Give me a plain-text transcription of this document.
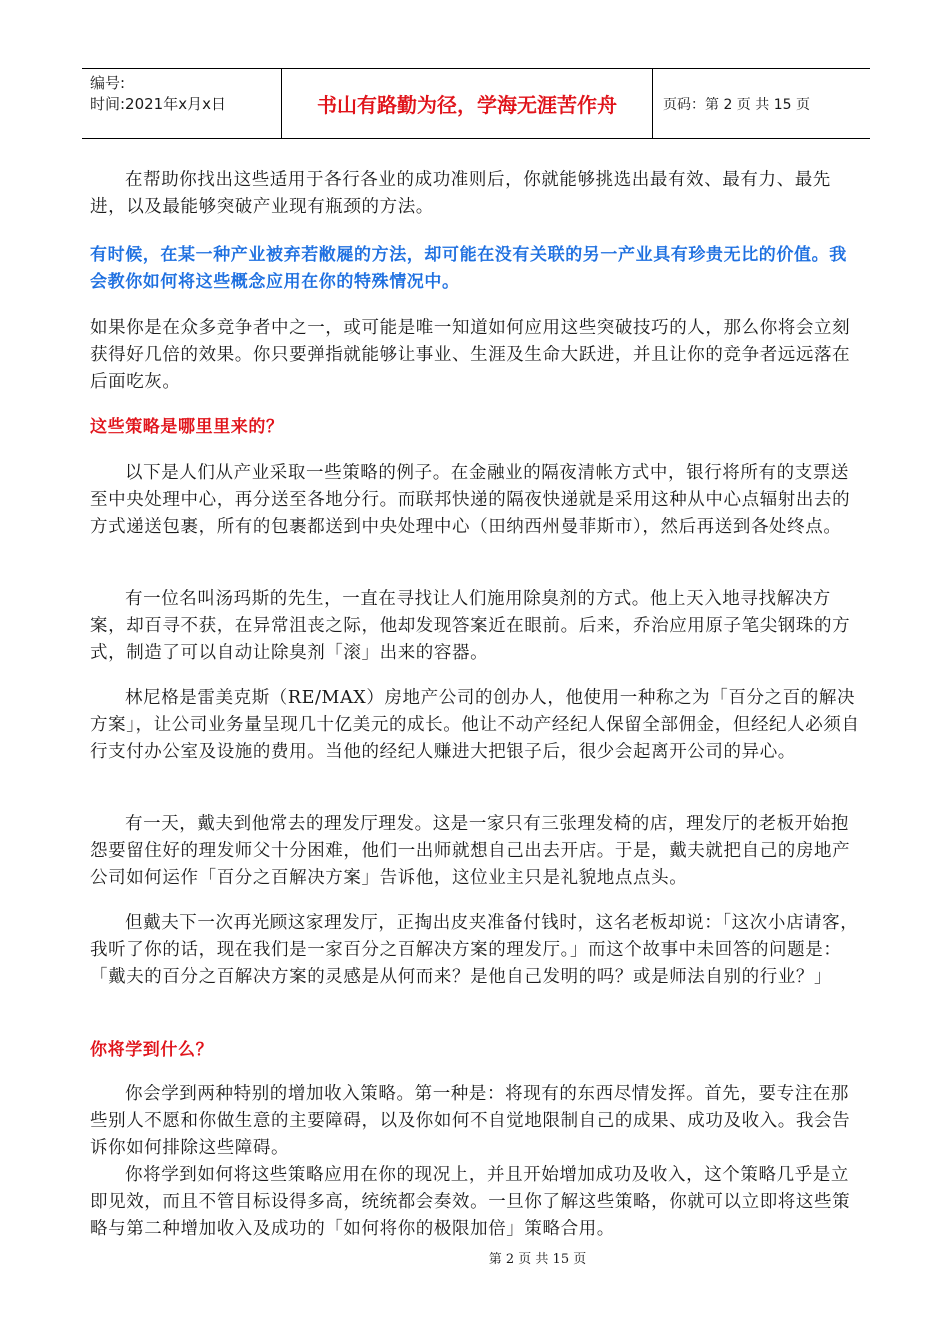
编号:
时间:2021年x月x日	书山有路勤为径，学海无涯苦作舟	页码：第 2 页 共 15 页

在帮助你找出这些适用于各行各业的成功准则后，你就能够挑选出最有效、最有力、最先进，以及最能够突破产业现有瓶颈的方法。

有时候，在某一种产业被弃若敝屣的方法，却可能在没有关联的另一产业具有珍贵无比的价值。我会教你如何将这些概念应用在你的特殊情况中。

如果你是在众多竞争者中之一，或可能是唯一知道如何应用这些突破技巧的人，那么你将会立刻获得好几倍的效果。你只要弹指就能够让事业、生涯及生命大跃进，并且让你的竞争者远远落在后面吃灰。

这些策略是哪里里来的？

以下是人们从产业采取一些策略的例子。在金融业的隔夜清帐方式中，银行将所有的支票送至中央处理中心，再分送至各地分行。而联邦快递的隔夜快递就是采用这种从中心点辐射出去的方式递送包裹，所有的包裹都送到中央处理中心（田纳西州曼菲斯市），然后再送到各处终点。

有一位名叫汤玛斯的先生，一直在寻找让人们施用除臭剂的方式。他上天入地寻找解决方案，却百寻不获，在异常沮丧之际，他却发现答案近在眼前。后来，乔治应用原子笔尖钢珠的方式，制造了可以自动让除臭剂「滚」出来的容器。

林尼格是雷美克斯（RE/MAX）房地产公司的创办人，他使用一种称之为「百分之百的解决方案」，让公司业务量呈现几十亿美元的成长。他让不动产经纪人保留全部佣金，但经纪人必须自行支付办公室及设施的费用。当他的经纪人赚进大把银子后，很少会起离开公司的异心。

有一天，戴夫到他常去的理发厅理发。这是一家只有三张理发椅的店，理发厅的老板开始抱怨要留住好的理发师父十分困难，他们一出师就想自己出去开店。于是，戴夫就把自己的房地产公司如何运作「百分之百解决方案」告诉他，这位业主只是礼貌地点点头。

但戴夫下一次再光顾这家理发厅，正掏出皮夹准备付钱时，这名老板却说：「这次小店请客，我听了你的话，现在我们是一家百分之百解决方案的理发厅。」而这个故事中未回答的问题是：「戴夫的百分之百解决方案的灵感是从何而来？是他自己发明的吗？或是师法自别的行业？」

你将学到什么？

你会学到两种特别的增加收入策略。第一种是：将现有的东西尽情发挥。首先，要专注在那些别人不愿和你做生意的主要障碍，以及你如何不自觉地限制自己的成果、成功及收入。我会告诉你如何排除这些障碍。

你将学到如何将这些策略应用在你的现况上，并且开始增加成功及收入，这个策略几乎是立即见效，而且不管目标设得多高，统统都会奏效。一旦你了解这些策略，你就可以立即将这些策略与第二种增加收入及成功的「如何将你的极限加倍」策略合用。

第 2 页 共 15 页
